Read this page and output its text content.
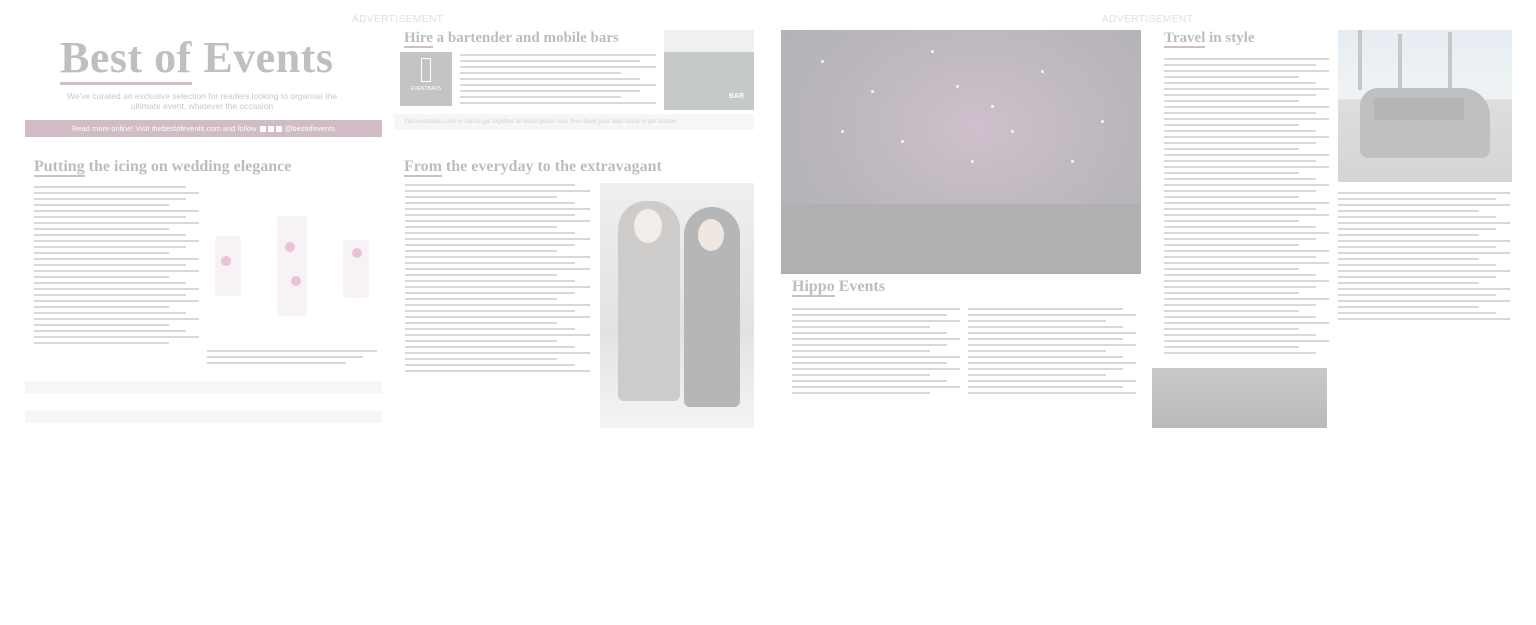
ADVERTISEMENT	ADVERTISEMENT
Best of Events
We've curated an exclusive selection for readers looking to organise the ultimate event, whatever the occasion
Read more online! Visit thebestofevents.com and follow	@bestofevents
Putting the icing on wedding elegance
Hire a bartender and mobile bars
EVENTBARS
BAR
Visit eventbars.com or call to get together all event perks now, then book your date today to get started
From the everyday to the extravagant
Hippo Events
Travel in style
